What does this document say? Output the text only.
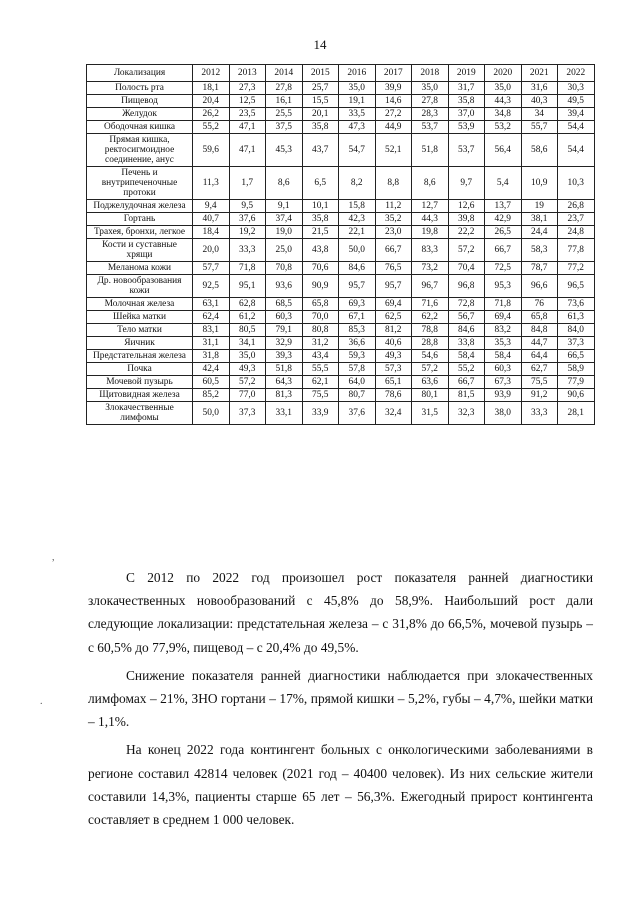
14
Локализация	2012	2013	2014	2015	2016	2017	2018	2019	2020	2021	2022
Полость рта	18,1	27,3	27,8	25,7	35,0	39,9	35,0	31,7	35,0	31,6	30,3
Пищевод	20,4	12,5	16,1	15,5	19,1	14,6	27,8	35,8	44,3	40,3	49,5
Желудок	26,2	23,5	25,5	20,1	33,5	27,2	28,3	37,0	34,8	34	39,4
Ободочная кишка	55,2	47,1	37,5	35,8	47,3	44,9	53,7	53,9	53,2	55,7	54,4
Прямая кишка, ректосигмоидное соединение, анус	59,6	47,1	45,3	43,7	54,7	52,1	51,8	53,7	56,4	58,6	54,4
Печень и внутрипеченочные протоки	11,3	1,7	8,6	6,5	8,2	8,8	8,6	9,7	5,4	10,9	10,3
Поджелудочная железа	9,4	9,5	9,1	10,1	15,8	11,2	12,7	12,6	13,7	19	26,8
Гортань	40,7	37,6	37,4	35,8	42,3	35,2	44,3	39,8	42,9	38,1	23,7
Трахея, бронхи, легкое	18,4	19,2	19,0	21,5	22,1	23,0	19,8	22,2	26,5	24,4	24,8
Кости и суставные хрящи	20,0	33,3	25,0	43,8	50,0	66,7	83,3	57,2	66,7	58,3	77,8
Меланома кожи	57,7	71,8	70,8	70,6	84,6	76,5	73,2	70,4	72,5	78,7	77,2
Др. новообразования кожи	92,5	95,1	93,6	90,9	95,7	95,7	96,7	96,8	95,3	96,6	96,5
Молочная железа	63,1	62,8	68,5	65,8	69,3	69,4	71,6	72,8	71,8	76	73,6
Шейка матки	62,4	61,2	60,3	70,0	67,1	62,5	62,2	56,7	69,4	65,8	61,3
Тело матки	83,1	80,5	79,1	80,8	85,3	81,2	78,8	84,6	83,2	84,8	84,0
Яичник	31,1	34,1	32,9	31,2	36,6	40,6	28,8	33,8	35,3	44,7	37,3
Предстательная железа	31,8	35,0	39,3	43,4	59,3	49,3	54,6	58,4	58,4	64,4	66,5
Почка	42,4	49,3	51,8	55,5	57,8	57,3	57,2	55,2	60,3	62,7	58,9
Мочевой пузырь	60,5	57,2	64,3	62,1	64,0	65,1	63,6	66,7	67,3	75,5	77,9
Щитовидная железа	85,2	77,0	81,3	75,5	80,7	78,6	80,1	81,5	93,9	91,2	90,6
Злокачественные лимфомы	50,0	37,3	33,1	33,9	37,6	32,4	31,5	32,3	38,0	33,3	28,1

С 2012 по 2022 год произошел рост показателя ранней диагностики злокачественных новообразований с 45,8% до 58,9%. Наибольший рост дали следующие локализации: предстательная железа – с 31,8% до 66,5%, мочевой пузырь – с 60,5% до 77,9%, пищевод – с 20,4% до 49,5%.

Снижение показателя ранней диагностики наблюдается при злокачественных лимфомах – 21%, ЗНО гортани – 17%, прямой кишки – 5,2%, губы – 4,7%, шейки матки – 1,1%.

На конец 2022 года контингент больных с онкологическими заболеваниями в регионе составил 42814 человек (2021 год – 40400 человек). Из них сельские жители составили 14,3%, пациенты старше 65 лет – 56,3%. Ежегодный прирост контингента составляет в среднем 1 000 человек.

,
.
